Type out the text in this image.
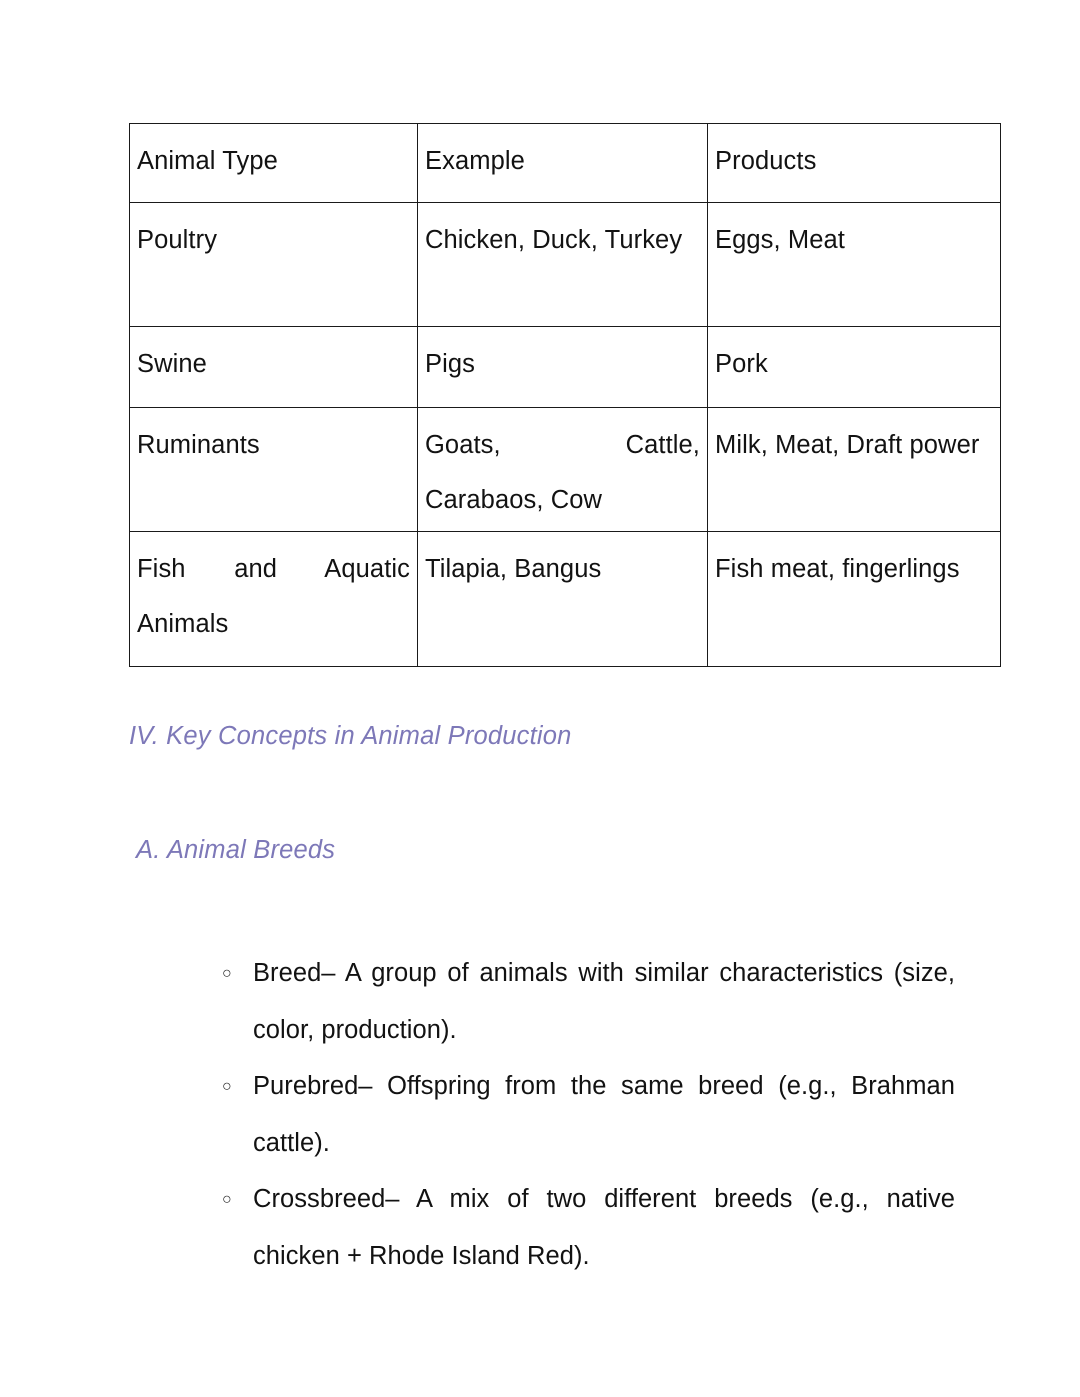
Animal Type	Example	Products
Poultry	Chicken, Duck, Turkey	Eggs, Meat
Swine	Pigs	Pork
Ruminants	Goats, Cattle, Carabaos, Cow	Milk, Meat, Draft power
Fish and Aquatic Animals	Tilapia, Bangus	Fish meat, fingerlings
IV. Key Concepts in Animal Production
A. Animal Breeds
○ Breed– A group of animals with similar characteristics (size, color, production).
○ Purebred– Offspring from the same breed (e.g., Brahman cattle).
○ Crossbreed– A mix of two different breeds (e.g., native chicken + Rhode Island Red).
